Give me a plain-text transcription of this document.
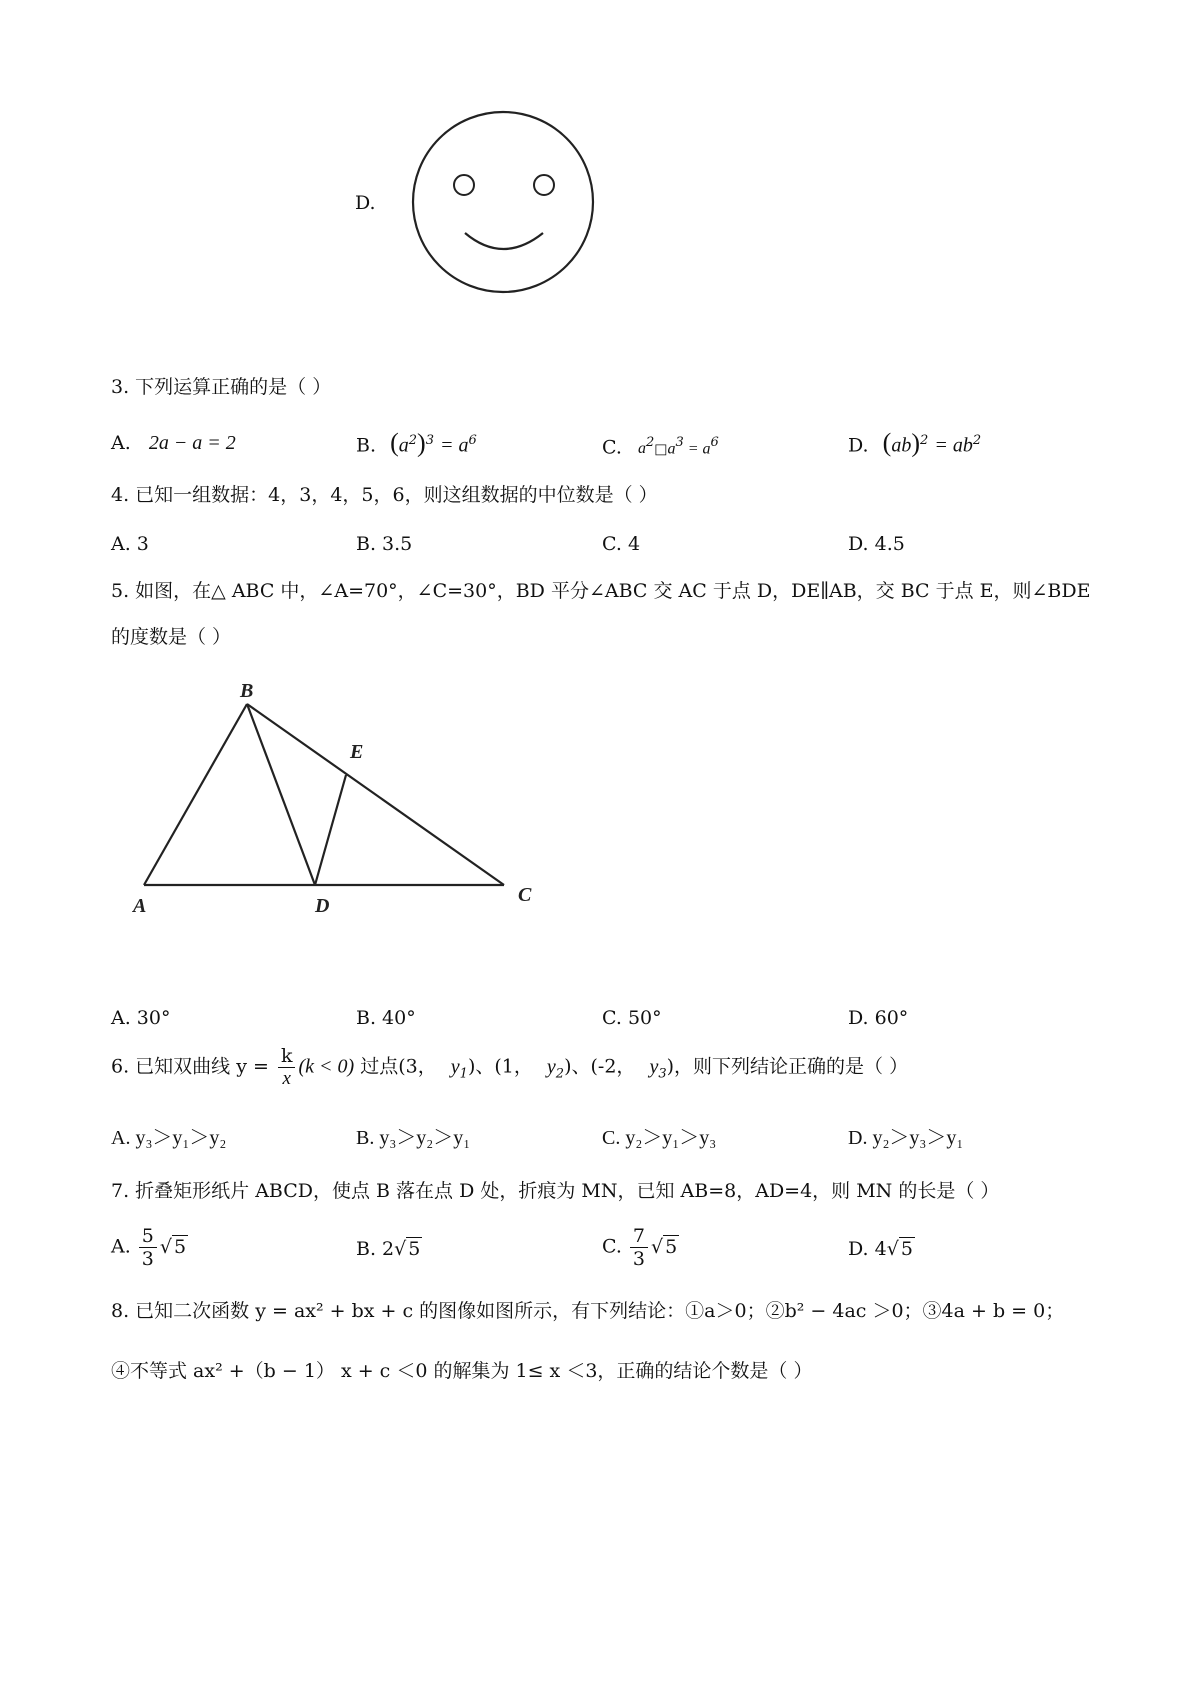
D.
3. 下列运算正确的是（ ）
A. 2a − a = 2	B. $(a^2)^3 = a^6$	C. $a^2□a^3 = a^6$	D. $(ab)^2 = ab^2$
4. 已知一组数据：4，3，4，5，6，则这组数据的中位数是（ ）
A. 3	B. 3.5	C. 4	D. 4.5
5. 如图，在△ ABC 中，∠A=70°，∠C=30°，BD 平分∠ABC 交 AC 于点 D，DE∥AB，交 BC 于点 E，则∠BDE
的度数是（ ）
B
E
A	D	C
A. 30°	B. 40°	C. 50°	D. 60°
6. 已知双曲线 $y = \frac{k}{x} (k < 0)$ 过点(3， $y_1$)、(1， $y_2$)、(-2， $y_3$)，则下列结论正确的是（ ）
A. y₃＞y₁＞y₂	B. y₃＞y₂＞y₁	C. y₂＞y₁＞y₃	D. y₂＞y₃＞y₁
7. 折叠矩形纸片 ABCD，使点 B 落在点 D 处，折痕为 MN，已知 AB=8，AD=4，则 MN 的长是（ ）
A. $\frac{5}{3}$ √ 5	B. 2√ 5	C. $\frac{7}{3}$ √ 5	D. 4√ 5
8. 已知二次函数 y = ax² + bx + c 的图像如图所示，有下列结论：①a＞0；②b² − 4ac ＞0；③4a + b = 0；
④不等式 ax² +（b − 1） x + c ＜0 的解集为 1≤ x ＜3，正确的结论个数是（ ）
